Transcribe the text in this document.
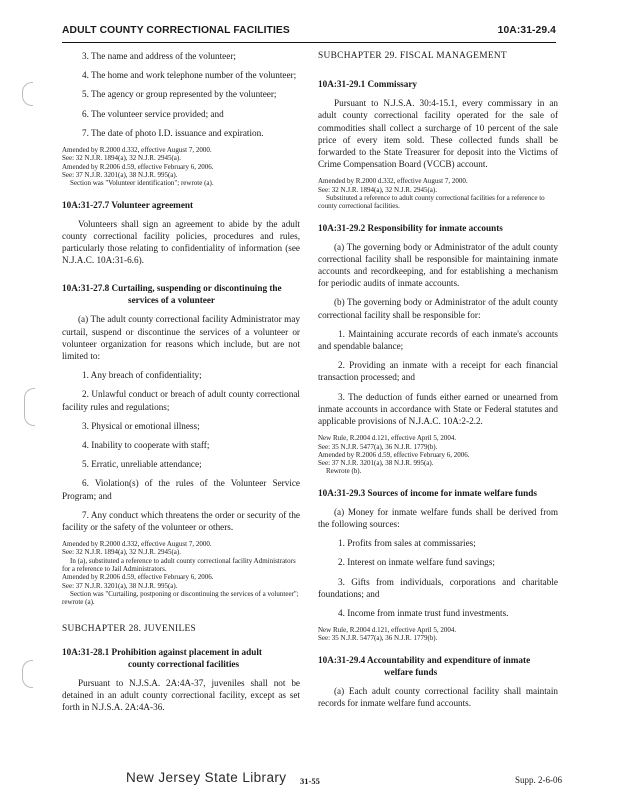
ADULT COUNTY CORRECTIONAL FACILITIES	10A:31-29.4

3. The name and address of the volunteer;

4. The home and work telephone number of the volunteer;

5. The agency or group represented by the volunteer;

6. The volunteer service provided; and

7. The date of photo I.D. issuance and expiration.

Amended by R.2000 d.332, effective August 7, 2000.

See: 32 N.J.R. 1894(a), 32 N.J.R. 2945(a).

Amended by R.2006 d.59, effective February 6, 2006.

See: 37 N.J.R. 3201(a), 38 N.J.R. 995(a).

Section was "Volunteer identification"; rewrote (a).

10A:31-27.7 Volunteer agreement

Volunteers shall sign an agreement to abide by the adult county correctional facility policies, procedures and rules, particularly those relating to confidentiality of information (see N.J.A.C. 10A:31-6.6).

10A:31-27.8 Curtailing, suspending or discontinuing the

services of a volunteer

(a) The adult county correctional facility Administrator may curtail, suspend or discontinue the services of a volunteer or volunteer organization for reasons which include, but are not limited to:

1. Any breach of confidentiality;

2. Unlawful conduct or breach of adult county correctional facility rules and regulations;

3. Physical or emotional illness;

4. Inability to cooperate with staff;

5. Erratic, unreliable attendance;

6. Violation(s) of the rules of the Volunteer Service Program; and

7. Any conduct which threatens the order or security of the facility or the safety of the volunteer or others.

Amended by R.2000 d.332, effective August 7, 2000.

See: 32 N.J.R. 1894(a), 32 N.J.R. 2945(a).

In (a), substituted a reference to adult county correctional facility Administrators for a reference to Jail Administrators.

Amended by R.2006 d.59, effective February 6, 2006.

See: 37 N.J.R. 3201(a), 38 N.J.R. 995(a).

Section was "Curtailing, postponing or discontinuing the services of a volunteer"; rewrote (a).

SUBCHAPTER 28. JUVENILES

10A:31-28.1 Prohibition against placement in adult

county correctional facilities

Pursuant to N.J.S.A. 2A:4A-37, juveniles shall not be detained in an adult county correctional facility, except as set forth in N.J.S.A. 2A:4A-36.

SUBCHAPTER 29. FISCAL MANAGEMENT

10A:31-29.1 Commissary

Pursuant to N.J.S.A. 30:4-15.1, every commissary in an adult county correctional facility operated for the sale of commodities shall collect a surcharge of 10 percent of the sale price of every item sold. These collected funds shall be forwarded to the State Treasurer for deposit into the Victims of Crime Compensation Board (VCCB) account.

Amended by R.2000 d.332, effective August 7, 2000.

See: 32 N.J.R. 1894(a), 32 N.J.R. 2945(a).

Substituted a reference to adult county correctional facilities for a reference to county correctional facilities.

10A:31-29.2 Responsibility for inmate accounts

(a) The governing body or Administrator of the adult county correctional facility shall be responsible for maintaining inmate accounts and recordkeeping, and for establishing a mechanism for periodic audits of inmate accounts.

(b) The governing body or Administrator of the adult county correctional facility shall be responsible for:

1. Maintaining accurate records of each inmate's accounts and spendable balance;

2. Providing an inmate with a receipt for each financial transaction processed; and

3. The deduction of funds either earned or unearned from inmate accounts in accordance with State or Federal statutes and applicable provisions of N.J.A.C. 10A:2-2.2.

New Rule, R.2004 d.121, effective April 5, 2004.

See: 35 N.J.R. 5477(a), 36 N.J.R. 1779(b).

Amended by R.2006 d.59, effective February 6, 2006.

See: 37 N.J.R. 3201(a), 38 N.J.R. 995(a).

Rewrote (b).

10A:31-29.3 Sources of income for inmate welfare funds

(a) Money for inmate welfare funds shall be derived from the following sources:

1. Profits from sales at commissaries;

2. Interest on inmate welfare fund savings;

3. Gifts from individuals, corporations and charitable foundations; and

4. Income from inmate trust fund investments.

New Rule, R.2004 d.121, effective April 5, 2004.

See: 35 N.J.R. 5477(a), 36 N.J.R. 1779(b).

10A:31-29.4 Accountability and expenditure of inmate

welfare funds

(a) Each adult county correctional facility shall maintain records for inmate welfare fund accounts.

New Jersey State Library 31-55	Supp. 2-6-06
